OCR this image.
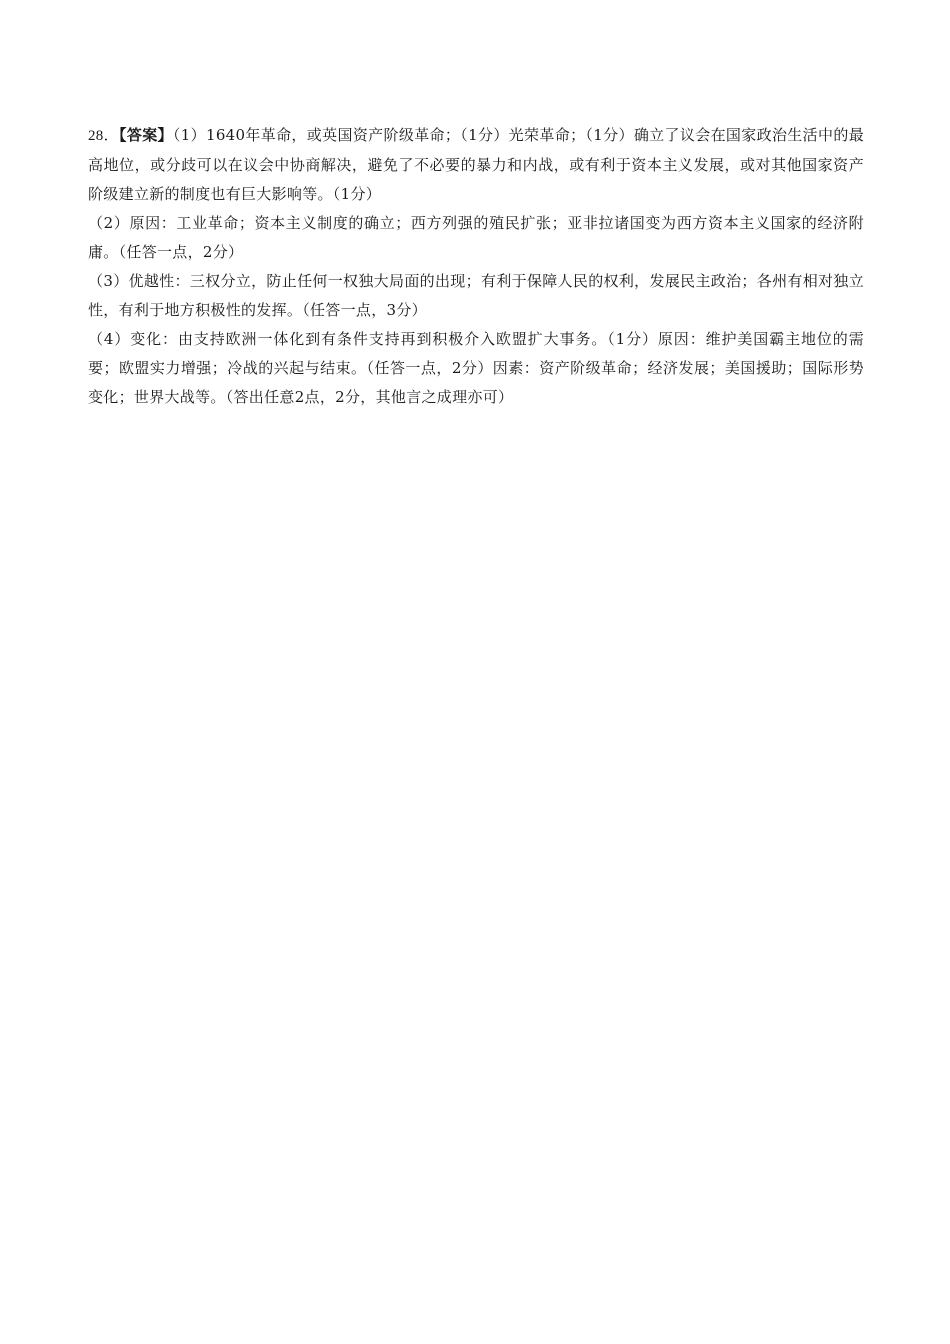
28．【答案】（1）1640年革命，或英国资产阶级革命；（1分）光荣革命；（1分）确立了议会在国家政治生活中的最高地位，或分歧可以在议会中协商解决，避免了不必要的暴力和内战，或有利于资本主义发展，或对其他国家资产阶级建立新的制度也有巨大影响等。（1分）

（2）原因：工业革命；资本主义制度的确立；西方列强的殖民扩张；亚非拉诸国变为西方资本主义国家的经济附庸。（任答一点，2分）

（3）优越性：三权分立，防止任何一权独大局面的出现；有利于保障人民的权利，发展民主政治；各州有相对独立性，有利于地方积极性的发挥。（任答一点，3分）

（4）变化：由支持欧洲一体化到有条件支持再到积极介入欧盟扩大事务。（1分）原因：维护美国霸主地位的需要；欧盟实力增强；冷战的兴起与结束。（任答一点，2分）因素：资产阶级革命；经济发展；美国援助；国际形势变化；世界大战等。（答出任意2点，2分，其他言之成理亦可）
